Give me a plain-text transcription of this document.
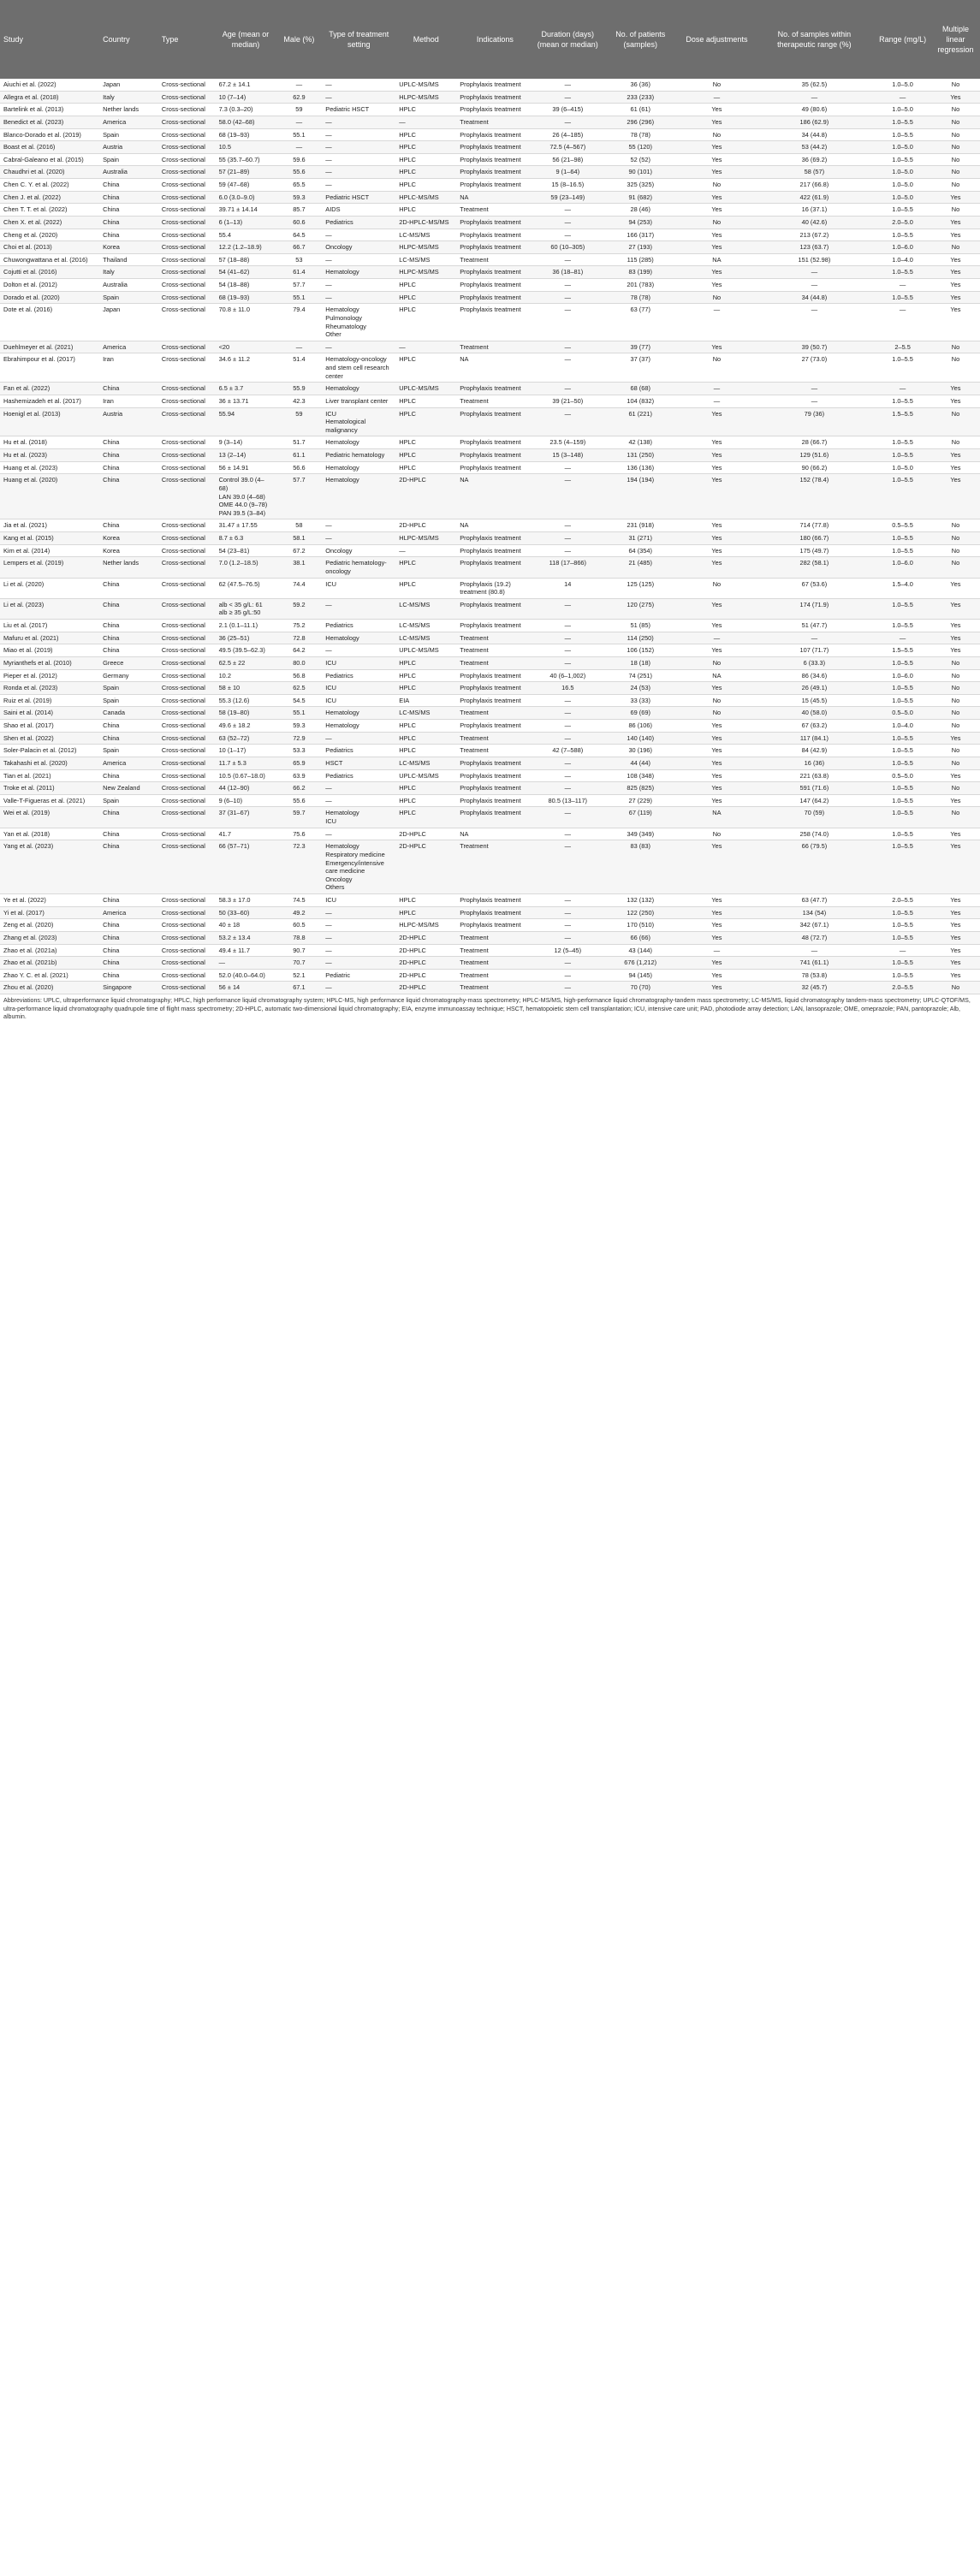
Study	Country	Type	Age (mean or median)	Male (%)	Type of treatment setting	Method	Indications	Duration (days) (mean or median)	No. of patients (samples)	Dose adjustments	No. of samples within therapeutic range (%)	Range (mg/L)	Multiple linear regression
Aiuchi et al. (2022)	Japan	Cross-sectional	67.2 ± 14.1	—	—	UPLC-MS/MS	Prophylaxis treatment	—	36 (36)	No	35 (62.5)	1.0–5.0	No
Allegra et al. (2018)	Italy	Cross-sectional	10 (7–14)	62.9	—	HLPC-MS/MS	Prophylaxis treatment	—	233 (233)	—	—	—	Yes
Bartelink et al. (2013)	Nether lands	Cross-sectional	7.3 (0.3–20)	59	Pediatric HSCT	HPLC	Prophylaxis treatment	39 (6–415)	61 (61)	Yes	49 (80.6)	1.0–5.0	No
Benedict et al. (2023)	America	Cross-sectional	58.0 (42–68)	—	—	—	Treatment	—	296 (296)	Yes	186 (62.9)	1.0–5.5	No
Blanco-Dorado et al. (2019)	Spain	Cross-sectional	68 (19–93)	55.1	—	HPLC	Prophylaxis treatment	26 (4–185)	78 (78)	No	34 (44.8)	1.0–5.5	No
Boast et al. (2016)	Austria	Cross-sectional	10.5	—	—	HPLC	Prophylaxis treatment	72.5 (4–567)	55 (120)	Yes	53 (44.2)	1.0–5.0	No
Cabral-Galeano et al. (2015)	Spain	Cross-sectional	55 (35.7–60.7)	59.6	—	HPLC	Prophylaxis treatment	56 (21–98)	52 (52)	Yes	36 (69.2)	1.0–5.5	No
Chaudhri et al. (2020)	Australia	Cross-sectional	57 (21–89)	55.6	—	HPLC	Prophylaxis treatment	9 (1–64)	90 (101)	Yes	58 (57)	1.0–5.0	No
Chen C. Y. et al. (2022)	China	Cross-sectional	59 (47–68)	65.5	—	HPLC	Prophylaxis treatment	15 (8–16.5)	325 (325)	No	217 (66.8)	1.0–5.0	No
Chen J. et al. (2022)	China	Cross-sectional	6.0 (3.0–9.0)	59.3	Pediatric HSCT	HPLC-MS/MS	NA	59 (23–149)	91 (682)	Yes	422 (61.9)	1.0–5.0	Yes
Chen T. T. et al. (2022)	China	Cross-sectional	39.71 ± 14.14	85.7	AIDS	HPLC	Treatment	—	28 (46)	Yes	16 (37.1)	1.0–5.5	No
Chen X. et al. (2022)	China	Cross-sectional	6 (1–13)	60.6	Pediatrics	2D-HPLC-MS/MS	Prophylaxis treatment	—	94 (253)	No	40 (42.6)	2.0–5.0	Yes
Cheng et al. (2020)	China	Cross-sectional	55.4	64.5	—	LC-MS/MS	Prophylaxis treatment	—	166 (317)	Yes	213 (67.2)	1.0–5.5	Yes
Choi et al. (2013)	Korea	Cross-sectional	12.2 (1.2–18.9)	66.7	Oncology	HLPC-MS/MS	Prophylaxis treatment	60 (10–305)	27 (193)	Yes	123 (63.7)	1.0–6.0	No
Chuwongwattana et al. (2016)	Thailand	Cross-sectional	57 (18–88)	53	—	LC-MS/MS	Treatment	—	115 (285)	NA	151 (52.98)	1.0–4.0	Yes
Cojutti et al. (2016)	Italy	Cross-sectional	54 (41–62)	61.4	Hematology	HLPC-MS/MS	Prophylaxis treatment	36 (18–81)	83 (199)	Yes	—	1.0–5.5	Yes
Dolton et al. (2012)	Australia	Cross-sectional	54 (18–88)	57.7	—	HPLC	Prophylaxis treatment	—	201 (783)	Yes	—	—	Yes
Dorado et al. (2020)	Spain	Cross-sectional	68 (19–93)	55.1	—	HPLC	Prophylaxis treatment	—	78 (78)	No	34 (44.8)	1.0–5.5	Yes
Dote et al. (2016)	Japan	Cross-sectional	70.8 ± 11.0	79.4	Hematology
Pulmonology
Rheumatology
Other	HPLC	Prophylaxis treatment	—	63 (77)	—	—	—	Yes
Duehlmeyer et al. (2021)	America	Cross-sectional	<20	—	—	—	Treatment	—	39 (77)	Yes	39 (50.7)	2–5.5	No
Ebrahimpour et al. (2017)	Iran	Cross-sectional	34.6 ± 11.2	51.4	Hematology-oncology and stem cell research center	HPLC	NA	—	37 (37)	No	27 (73.0)	1.0–5.5	No
Fan et al. (2022)	China	Cross-sectional	6.5 ± 3.7	55.9	Hematology	UPLC-MS/MS	Prophylaxis treatment	—	68 (68)	—	—	—	Yes
Hashemizadeh et al. (2017)	Iran	Cross-sectional	36 ± 13.71	42.3	Liver transplant center	HPLC	Treatment	39 (21–50)	104 (832)	—	—	1.0–5.5	Yes
Hoenigl et al. (2013)	Austria	Cross-sectional	55.94	59	ICU
Hematological malignancy	HPLC	Prophylaxis treatment	—	61 (221)	Yes	79 (36)	1.5–5.5	No
Hu et al. (2018)	China	Cross-sectional	9 (3–14)	51.7	Hematology	HPLC	Prophylaxis treatment	23.5 (4–159)	42 (138)	Yes	28 (66.7)	1.0–5.5	No
Hu et al. (2023)	China	Cross-sectional	13 (2–14)	61.1	Pediatric hematology	HPLC	Prophylaxis treatment	15 (3–148)	131 (250)	Yes	129 (51.6)	1.0–5.5	Yes
Huang et al. (2023)	China	Cross-sectional	56 ± 14.91	56.6	Hematology	HPLC	Prophylaxis treatment	—	136 (136)	Yes	90 (66.2)	1.0–5.0	Yes
Huang et al. (2020)	China	Cross-sectional	Control 39.0 (4–68)
LAN 39.0 (4–68)
OME 44.0 (9–78)
PAN 39.5 (3–84)	57.7	Hematology	2D-HPLC	NA	—	194 (194)	Yes	152 (78.4)	1.0–5.5	Yes
Jia et al. (2021)	China	Cross-sectional	31.47 ± 17.55	58	—	2D-HPLC	NA	—	231 (918)	Yes	714 (77.8)	0.5–5.5	No
Kang et al. (2015)	Korea	Cross-sectional	8.7 ± 6.3	58.1	—	HLPC-MS/MS	Prophylaxis treatment	—	31 (271)	Yes	180 (66.7)	1.0–5.5	No
Kim et al. (2014)	Korea	Cross-sectional	54 (23–81)	67.2	Oncology	—	Prophylaxis treatment	—	64 (354)	Yes	175 (49.7)	1.0–5.5	No
Lempers et al. (2019)	Nether lands	Cross-sectional	7.0 (1.2–18.5)	38.1	Pediatric hematology-oncology	HPLC	Prophylaxis treatment	118 (17–866)	21 (485)	Yes	282 (58.1)	1.0–6.0	No
Li et al. (2020)	China	Cross-sectional	62 (47.5–76.5)	74.4	ICU	HPLC	Prophylaxis (19.2)
treatment (80.8)	14	125 (125)	No	67 (53.6)	1.5–4.0	Yes
Li et al. (2023)	China	Cross-sectional	alb < 35 g/L: 61 alb ≥ 35 g/L:50	59.2	—	LC-MS/MS	Prophylaxis treatment	—	120 (275)	Yes	174 (71.9)	1.0–5.5	Yes
Liu et al. (2017)	China	Cross-sectional	2.1 (0.1–11.1)	75.2	Pediatrics	LC-MS/MS	Prophylaxis treatment	—	51 (85)	Yes	51 (47.7)	1.0–5.5	Yes
Mafuru et al. (2021)	China	Cross-sectional	36 (25–51)	72.8	Hematology	LC-MS/MS	Treatment	—	114 (250)	—	—	—	Yes
Miao et al. (2019)	China	Cross-sectional	49.5 (39.5–62.3)	64.2	—	UPLC-MS/MS	Treatment	—	106 (152)	Yes	107 (71.7)	1.5–5.5	Yes
Myrianthefs et al. (2010)	Greece	Cross-sectional	62.5 ± 22	80.0	ICU	HPLC	Treatment	—	18 (18)	No	6 (33.3)	1.0–5.5	No
Pieper et al. (2012)	Germany	Cross-sectional	10.2	56.8	Pediatrics	HPLC	Prophylaxis treatment	40 (6–1,002)	74 (251)	NA	86 (34.6)	1.0–6.0	No
Ronda et al. (2023)	Spain	Cross-sectional	58 ± 10	62.5	ICU	HPLC	Prophylaxis treatment	16.5	24 (53)	Yes	26 (49.1)	1.0–5.5	No
Ruiz et al. (2019)	Spain	Cross-sectional	55.3 (12.6)	54.5	ICU	EIA	Prophylaxis treatment	—	33 (33)	No	15 (45.5)	1.0–5.5	No
Saini et al. (2014)	Canada	Cross-sectional	58 (19–80)	55.1	Hematology	LC-MS/MS	Treatment	—	69 (69)	No	40 (58.0)	0.5–5.0	No
Shao et al. (2017)	China	Cross-sectional	49.6 ± 18.2	59.3	Hematology	HPLC	Prophylaxis treatment	—	86 (106)	Yes	67 (63.2)	1.0–4.0	No
Shen et al. (2022)	China	Cross-sectional	63 (52–72)	72.9	—	HPLC	Treatment	—	140 (140)	Yes	117 (84.1)	1.0–5.5	Yes
Soler-Palacin et al. (2012)	Spain	Cross-sectional	10 (1–17)	53.3	Pediatrics	HPLC	Treatment	42 (7–588)	30 (196)	Yes	84 (42.9)	1.0–5.5	No
Takahashi et al. (2020)	America	Cross-sectional	11.7 ± 5.3	65.9	HSCT	LC-MS/MS	Prophylaxis treatment	—	44 (44)	Yes	16 (36)	1.0–5.5	No
Tian et al. (2021)	China	Cross-sectional	10.5 (0.67–18.0)	63.9	Pediatrics	UPLC-MS/MS	Prophylaxis treatment	—	108 (348)	Yes	221 (63.8)	0.5–5.0	Yes
Troke et al. (2011)	New Zealand	Cross-sectional	44 (12–90)	66.2	—	HPLC	Prophylaxis treatment	—	825 (825)	Yes	591 (71.6)	1.0–5.5	No
Valle-T-Figueras et al. (2021)	Spain	Cross-sectional	9 (6–10)	55.6	—	HPLC	Prophylaxis treatment	80.5 (13–117)	27 (229)	Yes	147 (64.2)	1.0–5.5	Yes
Wei et al. (2019)	China	Cross-sectional	37 (31–67)	59.7	Hematology
ICU	HPLC	Prophylaxis treatment	—	67 (119)	NA	70 (59)	1.0–5.5	No
Yan et al. (2018)	China	Cross-sectional	41.7	75.6	—	2D-HPLC	NA	—	349 (349)	No	258 (74.0)	1.0–5.5	Yes
Yang et al. (2023)	China	Cross-sectional	66 (57–71)	72.3	Hematology
Respiratory medicine
Emergency/intensive care medicine
Oncology
Others	2D-HPLC	Treatment	—	83 (83)	Yes	66 (79.5)	1.0–5.5	Yes
Ye et al. (2022)	China	Cross-sectional	58.3 ± 17.0	74.5	ICU	HPLC	Prophylaxis treatment	—	132 (132)	Yes	63 (47.7)	2.0–5.5	Yes
Yi et al. (2017)	America	Cross-sectional	50 (33–60)	49.2	—	HPLC	Prophylaxis treatment	—	122 (250)	Yes	134 (54)	1.0–5.5	Yes
Zeng et al. (2020)	China	Cross-sectional	40 ± 18	60.5	—	HLPC-MS/MS	Prophylaxis treatment	—	170 (510)	Yes	342 (67.1)	1.0–5.5	Yes
Zhang et al. (2023)	China	Cross-sectional	53.2 ± 13.4	78.8	—	2D-HPLC	Treatment	—	66 (66)	Yes	48 (72.7)	1.0–5.5	Yes
Zhao et al. (2021a)	China	Cross-sectional	49.4 ± 11.7	90.7	—	2D-HPLC	Treatment	12 (5–45)	43 (144)	—	—	—	Yes
Zhao et al. (2021b)	China	Cross-sectional	—	70.7	—	2D-HPLC	Treatment	—	676 (1,212)	Yes	741 (61.1)	1.0–5.5	Yes
Zhao Y. C. et al. (2021)	China	Cross-sectional	52.0 (40.0–64.0)	52.1	Pediatric	2D-HPLC	Treatment	—	94 (145)	Yes	78 (53.8)	1.0–5.5	Yes
Zhou et al. (2020)	Singapore	Cross-sectional	56 ± 14	67.1	—	2D-HPLC	Treatment	—	70 (70)	Yes	32 (45.7)	2.0–5.5	No
Abbreviations: UPLC, ultraperformance liquid chromatography; HPLC, high performance liquid chromatography system; HPLC-MS, high performance liquid chromatography-mass spectrometry; HPLC-MS/MS, high-performance liquid chromatography-tandem mass spectrometry; LC-MS/MS, liquid chromatography tandem-mass spectrometry; UPLC-QTOF/MS, ultra-performance liquid chromatography quadrupole time of flight mass spectrometry; 2D-HPLC, automatic two-dimensional liquid chromatography; EIA, enzyme immunoassay technique; HSCT, hematopoietic stem cell transplantation; ICU, intensive care unit; PAD, photodiode array detection; LAN, lansoprazole; OME, omeprazole; PAN, pantoprazole; Alb, albumin.
